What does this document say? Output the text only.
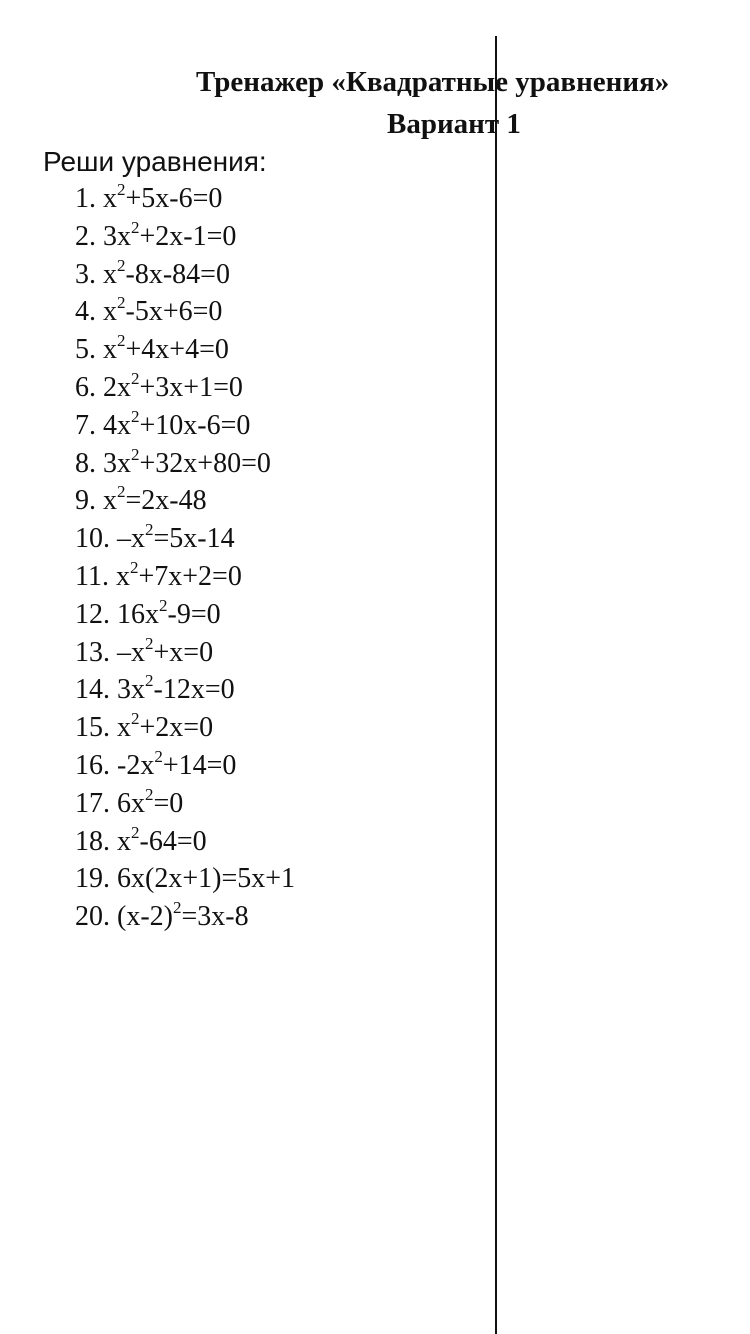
Тренажер «Квадратные уравнения»
Вариант 1
Реши уравнения:
1. $x^2+5x-6=0$
2. $3x^2+2x-1=0$
3. $x^2-8x-84=0$
4. $x^2-5x+6=0$
5. $x^2+4x+4=0$
6. $2x^2+3x+1=0$
7. $4x^2+10x-6=0$
8. $3x^2+32x+80=0$
9. $x^2=2x-48$
10. $-x^2=5x-14$
11. $x^2+7x+2=0$
12. $16x^2-9=0$
13. $-x^2+x=0$
14. $3x^2-12x=0$
15. $x^2+2x=0$
16. $-2x^2+14=0$
17. $6x^2=0$
18. $x^2-64=0$
19. 6x(2x+1)=5x+1
20. $(x-2)^2=3x-8$
